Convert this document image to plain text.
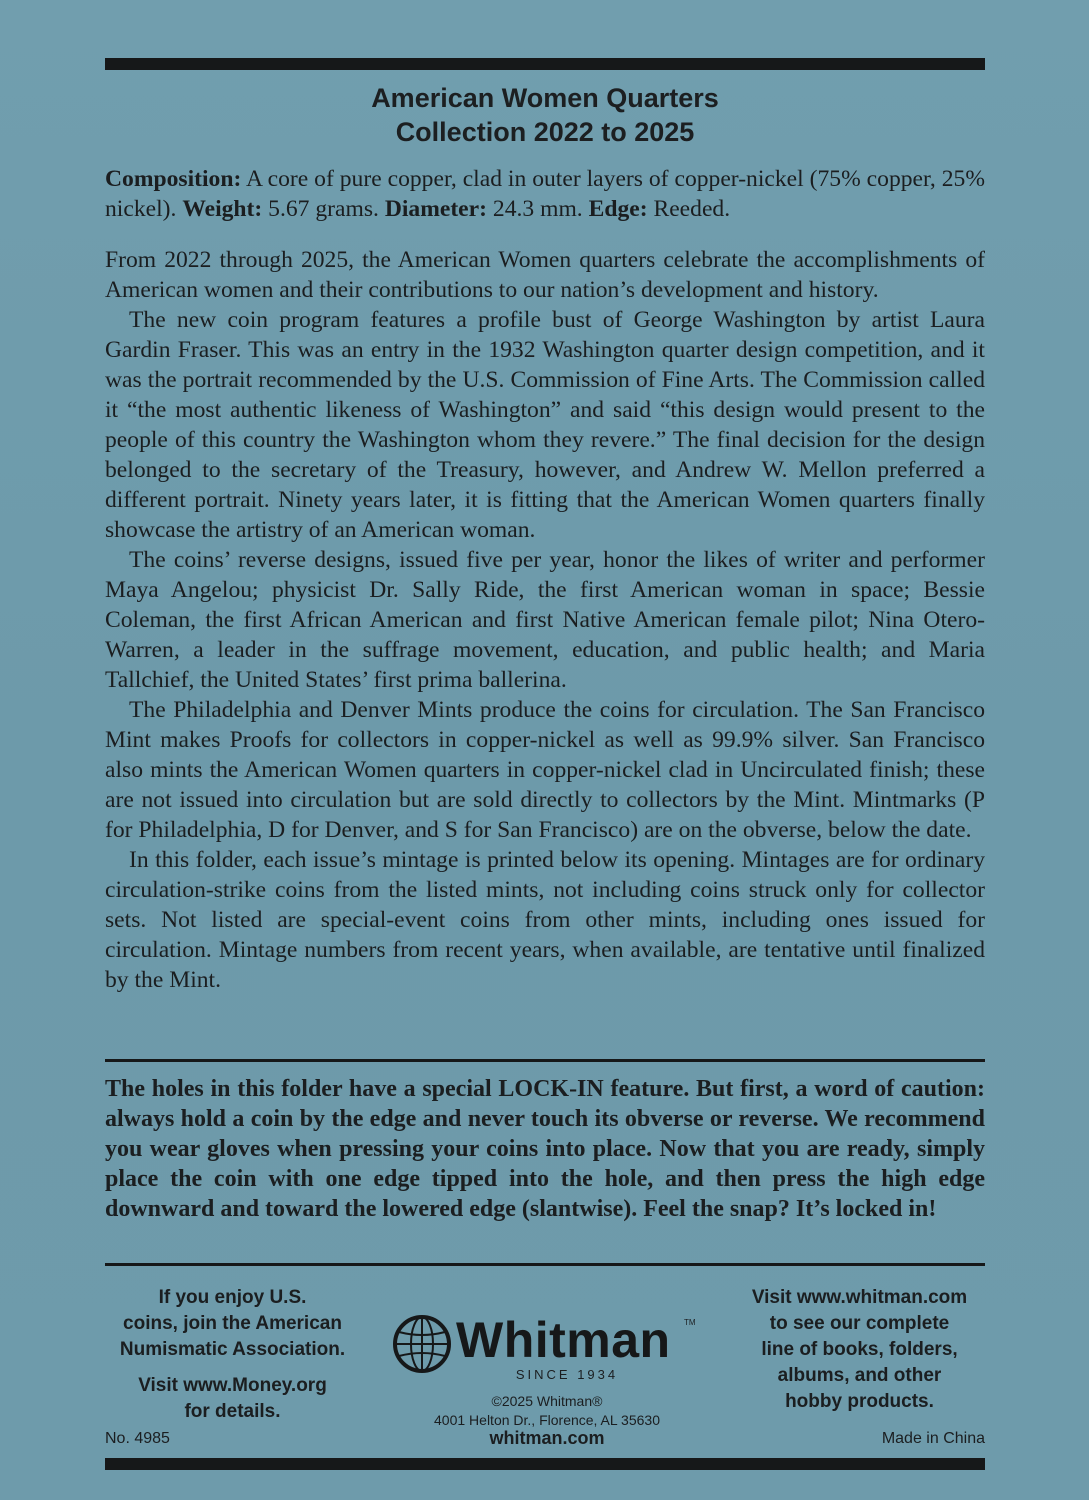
American Women Quarters
Collection 2022 to 2025
Composition: A core of pure copper, clad in outer layers of copper-nickel (75% copper, 25% nickel). Weight: 5.67 grams. Diameter: 24.3 mm. Edge: Reeded.

From 2022 through 2025, the American Women quarters celebrate the accomplishments of American women and their contributions to our nation’s development and history.

The new coin program features a profile bust of George Washington by artist Laura Gardin Fraser. This was an entry in the 1932 Washington quarter design competition, and it was the portrait recommended by the U.S. Commission of Fine Arts. The Commission called it “the most authentic likeness of Washington” and said “this design would present to the people of this country the Washington whom they revere.” The final decision for the design belonged to the secretary of the Treasury, however, and Andrew W. Mellon preferred a different portrait. Ninety years later, it is fitting that the American Women quarters finally showcase the artistry of an American woman.

The coins’ reverse designs, issued five per year, honor the likes of writer and performer Maya Angelou; physicist Dr. Sally Ride, the first American woman in space; Bessie Coleman, the first African American and first Native American female pilot; Nina Otero-Warren, a leader in the suffrage movement, education, and public health; and Maria Tallchief, the United States’ first prima ballerina.

The Philadelphia and Denver Mints produce the coins for circulation. The San Francisco Mint makes Proofs for collectors in copper-nickel as well as 99.9% silver. San Francisco also mints the American Women quarters in copper-nickel clad in Uncirculated finish; these are not issued into circulation but are sold directly to collectors by the Mint. Mintmarks (P for Philadelphia, D for Denver, and S for San Francisco) are on the obverse, below the date.

In this folder, each issue’s mintage is printed below its opening. Mintages are for ordinary circulation-strike coins from the listed mints, not including coins struck only for collector sets. Not listed are special-event coins from other mints, including ones issued for circulation. Mintage numbers from recent years, when available, are tentative until finalized by the Mint.

The holes in this folder have a special LOCK-IN feature. But first, a word of caution: always hold a coin by the edge and never touch its obverse or reverse. We recommend you wear gloves when pressing your coins into place. Now that you are ready, simply place the coin with one edge tipped into the hole, and then press the high edge downward and toward the lowered edge (slantwise). Feel the snap? It’s locked in!
If you enjoy U.S.
coins, join the American
Numismatic Association.
Visit www.Money.org
for details.
Whitman TM
SINCE 1934
©2025 Whitman®
4001 Helton Dr., Florence, AL 35630
whitman.com
Visit www.whitman.com
to see our complete
line of books, folders,
albums, and other
hobby products.
No. 4985	Made in China
